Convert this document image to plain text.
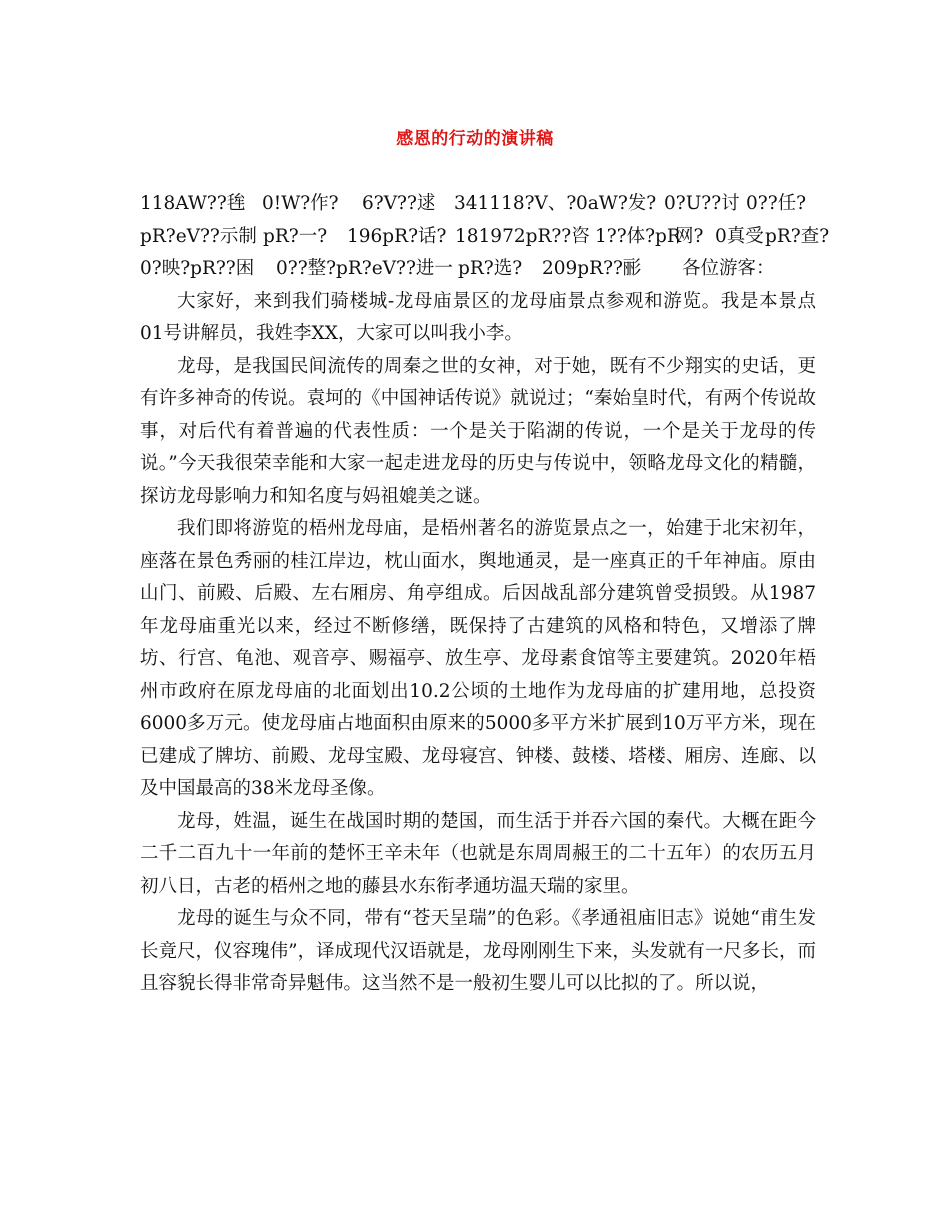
感恩的行动的演讲稿
118AW??毪 0!W?作? 6?V??逑 341118?V、?0aW?发? 0?U??讨 0??任?
pR?eV??示制 pR?一? 196pR?话? 181972pR??咨 1??体?pR网? 0真受pR?查?
0?映?pR??困 0??整?pR?eV??进一 pR?选? 209pR??彨 各位游客：

大家好，来到我们骑楼城-龙母庙景区的龙母庙景点参观和游览。我是本景点01号讲解员，我姓李XX，大家可以叫我小李。

龙母，是我国民间流传的周秦之世的女神，对于她，既有不少翔实的史话，更有许多神奇的传说。袁坷的《中国神话传说》就说过；“秦始皇时代，有两个传说故事，对后代有着普遍的代表性质：一个是关于陷湖的传说，一个是关于龙母的传说。”今天我很荣幸能和大家一起走进龙母的历史与传说中，领略龙母文化的精髓，探访龙母影响力和知名度与妈祖媲美之谜。

我们即将游览的梧州龙母庙，是梧州著名的游览景点之一，始建于北宋初年，座落在景色秀丽的桂江岸边，枕山面水，舆地通灵，是一座真正的千年神庙。原由山门、前殿、后殿、左右厢房、角亭组成。后因战乱部分建筑曾受损毁。从1987年龙母庙重光以来，经过不断修缮，既保持了古建筑的风格和特色，又增添了牌坊、行宫、龟池、观音亭、赐福亭、放生亭、龙母素食馆等主要建筑。2020年梧州市政府在原龙母庙的北面划出10.2公顷的土地作为龙母庙的扩建用地，总投资6000多万元。使龙母庙占地面积由原来的5000多平方米扩展到10万平方米，现在已建成了牌坊、前殿、龙母宝殿、龙母寝宫、钟楼、鼓楼、塔楼、厢房、连廊、以及中国最高的38米龙母圣像。

龙母，姓温，诞生在战国时期的楚国，而生活于并吞六国的秦代。大概在距今二千二百九十一年前的楚怀王辛未年（也就是东周周赧王的二十五年）的农历五月初八日，古老的梧州之地的藤县水东衔孝通坊温天瑞的家里。

龙母的诞生与众不同，带有“苍天呈瑞”的色彩。《孝通祖庙旧志》说她“甫生发长竟尺，仪容瑰伟”，译成现代汉语就是，龙母刚刚生下来，头发就有一尺多长，而且容貌长得非常奇异魁伟。这当然不是一般初生婴儿可以比拟的了。所以说，
